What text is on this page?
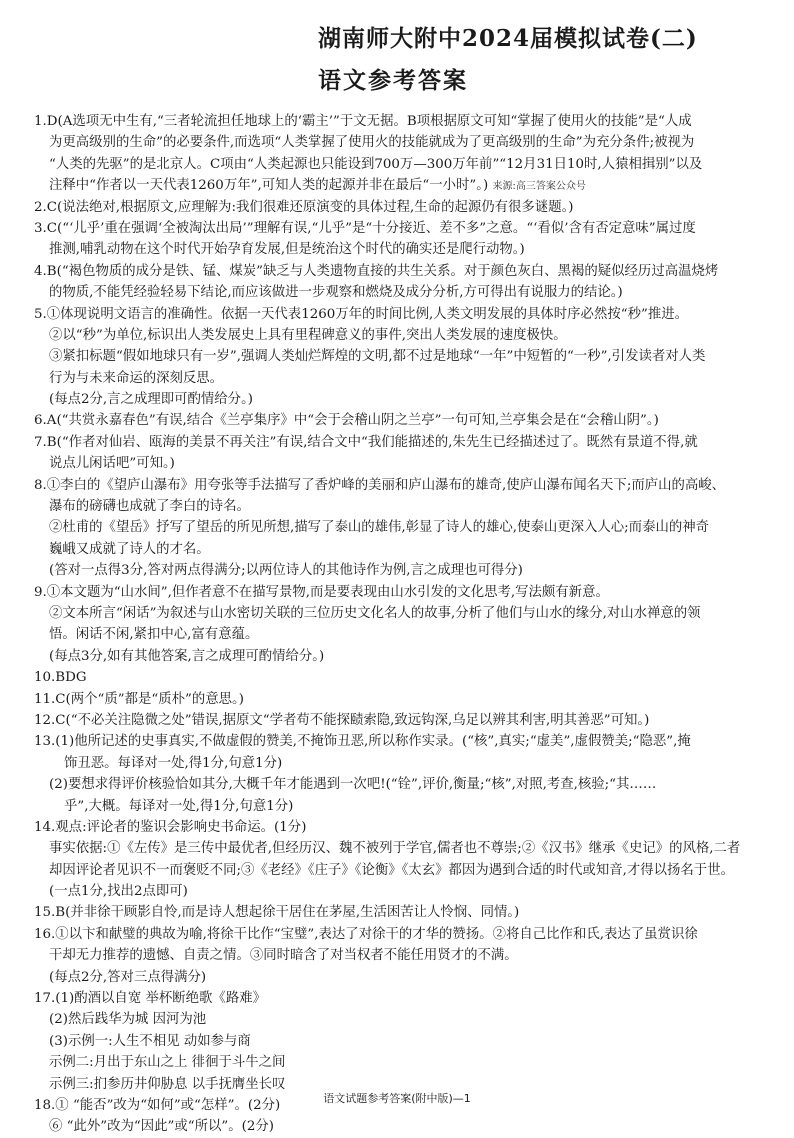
湖南师大附中2024届模拟试卷(二)
语文参考答案
1.D(A选项无中生有,“三者轮流担任地球上的‘霸主’”于文无据。B项根据原文可知“掌握了使用火的技能”是“人成
为更高级别的生命”的必要条件,而选项“人类掌握了使用火的技能就成为了更高级别的生命”为充分条件;被视为
“人类的先驱”的是北京人。C项由“人类起源也只能设到700万—300万年前”“12月31日10时,人猿相揖别”以及
注释中“作者以一天代表1260万年”,可知人类的起源并非在最后“一小时”。) 来源:高三答案公众号
2.C(说法绝对,根据原文,应理解为:我们很难还原演变的具体过程,生命的起源仍有很多谜题。)
3.C(“‘儿乎’重在强调‘全被淘汰出局’”理解有误,“儿乎”是“十分接近、差不多”之意。“‘看似’含有否定意味”属过度
推测,哺乳动物在这个时代开始孕育发展,但是统治这个时代的确实还是爬行动物。)
4.B(“褐色物质的成分是铁、锰、煤炭”缺乏与人类遗物直接的共生关系。对于颜色灰白、黑褐的疑似经历过高温烧烤
的物质,不能凭经验轻易下结论,而应该做进一步观察和燃烧及成分分析,方可得出有说服力的结论。)
5.①体现说明文语言的准确性。依据一天代表1260万年的时间比例,人类文明发展的具体时序必然按“秒”推进。
②以“秒”为单位,标识出人类发展史上具有里程碑意义的事件,突出人类发展的速度极快。
③紧扣标题“假如地球只有一岁”,强调人类灿烂辉煌的文明,都不过是地球“一年”中短暂的“一秒”,引发读者对人类
行为与未来命运的深刻反思。
(每点2分,言之成理即可酌情给分。)
6.A(“共赏永嘉春色”有误,结合《兰亭集序》中“会于会稽山阴之兰亭”一句可知,兰亭集会是在“会稽山阴”。)
7.B(“作者对仙岩、瓯海的美景不再关注”有误,结合文中“我们能描述的,朱先生已经描述过了。既然有景道不得,就
说点儿闲话吧”可知。)
8.①李白的《望庐山瀑布》用夸张等手法描写了香炉峰的美丽和庐山瀑布的雄奇,使庐山瀑布闻名天下;而庐山的高峻、
瀑布的磅礴也成就了李白的诗名。
②杜甫的《望岳》抒写了望岳的所见所想,描写了泰山的雄伟,彰显了诗人的雄心,使泰山更深入人心;而泰山的神奇
巍峨又成就了诗人的才名。
(答对一点得3分,答对两点得满分;以两位诗人的其他诗作为例,言之成理也可得分)
9.①本文题为“山水间”,但作者意不在描写景物,而是要表现由山水引发的文化思考,写法颇有新意。
②文本所言“闲话”为叙述与山水密切关联的三位历史文化名人的故事,分析了他们与山水的缘分,对山水禅意的领
悟。闲话不闲,紧扣中心,富有意蕴。
(每点3分,如有其他答案,言之成理可酌情给分。)
10.BDG
11.C(两个“质”都是“质朴”的意思。)
12.C(“不必关注隐微之处”错误,据原文“学者苟不能探赜索隐,致远钩深,乌足以辨其利害,明其善恶”可知。)
13.(1)他所记述的史事真实,不做虚假的赞美,不掩饰丑恶,所以称作实录。(“核”,真实;“虚美”,虚假赞美;“隐恶”,掩
饰丑恶。每译对一处,得1分,句意1分)
(2)要想求得评价核验恰如其分,大概千年才能遇到一次吧!(“铨”,评价,衡量;“核”,对照,考查,核验;“其……
乎”,大概。每译对一处,得1分,句意1分)
14.观点:评论者的鉴识会影响史书命运。(1分)
事实依据:①《左传》是三传中最优者,但经历汉、魏不被列于学官,儒者也不尊崇;②《汉书》继承《史记》的风格,二者
却因评论者见识不一而褒贬不同;③《老经》《庄子》《论衡》《太玄》都因为遇到合适的时代或知音,才得以扬名于世。
(一点1分,找出2点即可)
15.B(并非徐干顾影自怜,而是诗人想起徐干居住在茅屋,生活困苦让人怜悯、同情。)
16.①以卞和献璧的典故为喻,将徐干比作“宝璧”,表达了对徐干的才华的赞扬。②将自己比作和氏,表达了虽赏识徐
干却无力推荐的遗憾、自责之情。③同时暗含了对当权者不能任用贤才的不满。
(每点2分,答对三点得满分)
17.(1)酌酒以自宽 举杯断绝歌《路难》
(2)然后践华为城 因河为池
(3)示例一:人生不相见 动如参与商
示例二:月出于东山之上 徘徊于斗牛之间
示例三:扪参历井仰胁息 以手抚膺坐长叹
18.① “能否”改为“如何”或“怎样”。(2分)
⑥ “此外”改为“因此”或“所以”。(2分)
语文试题参考答案(附中版)—1
